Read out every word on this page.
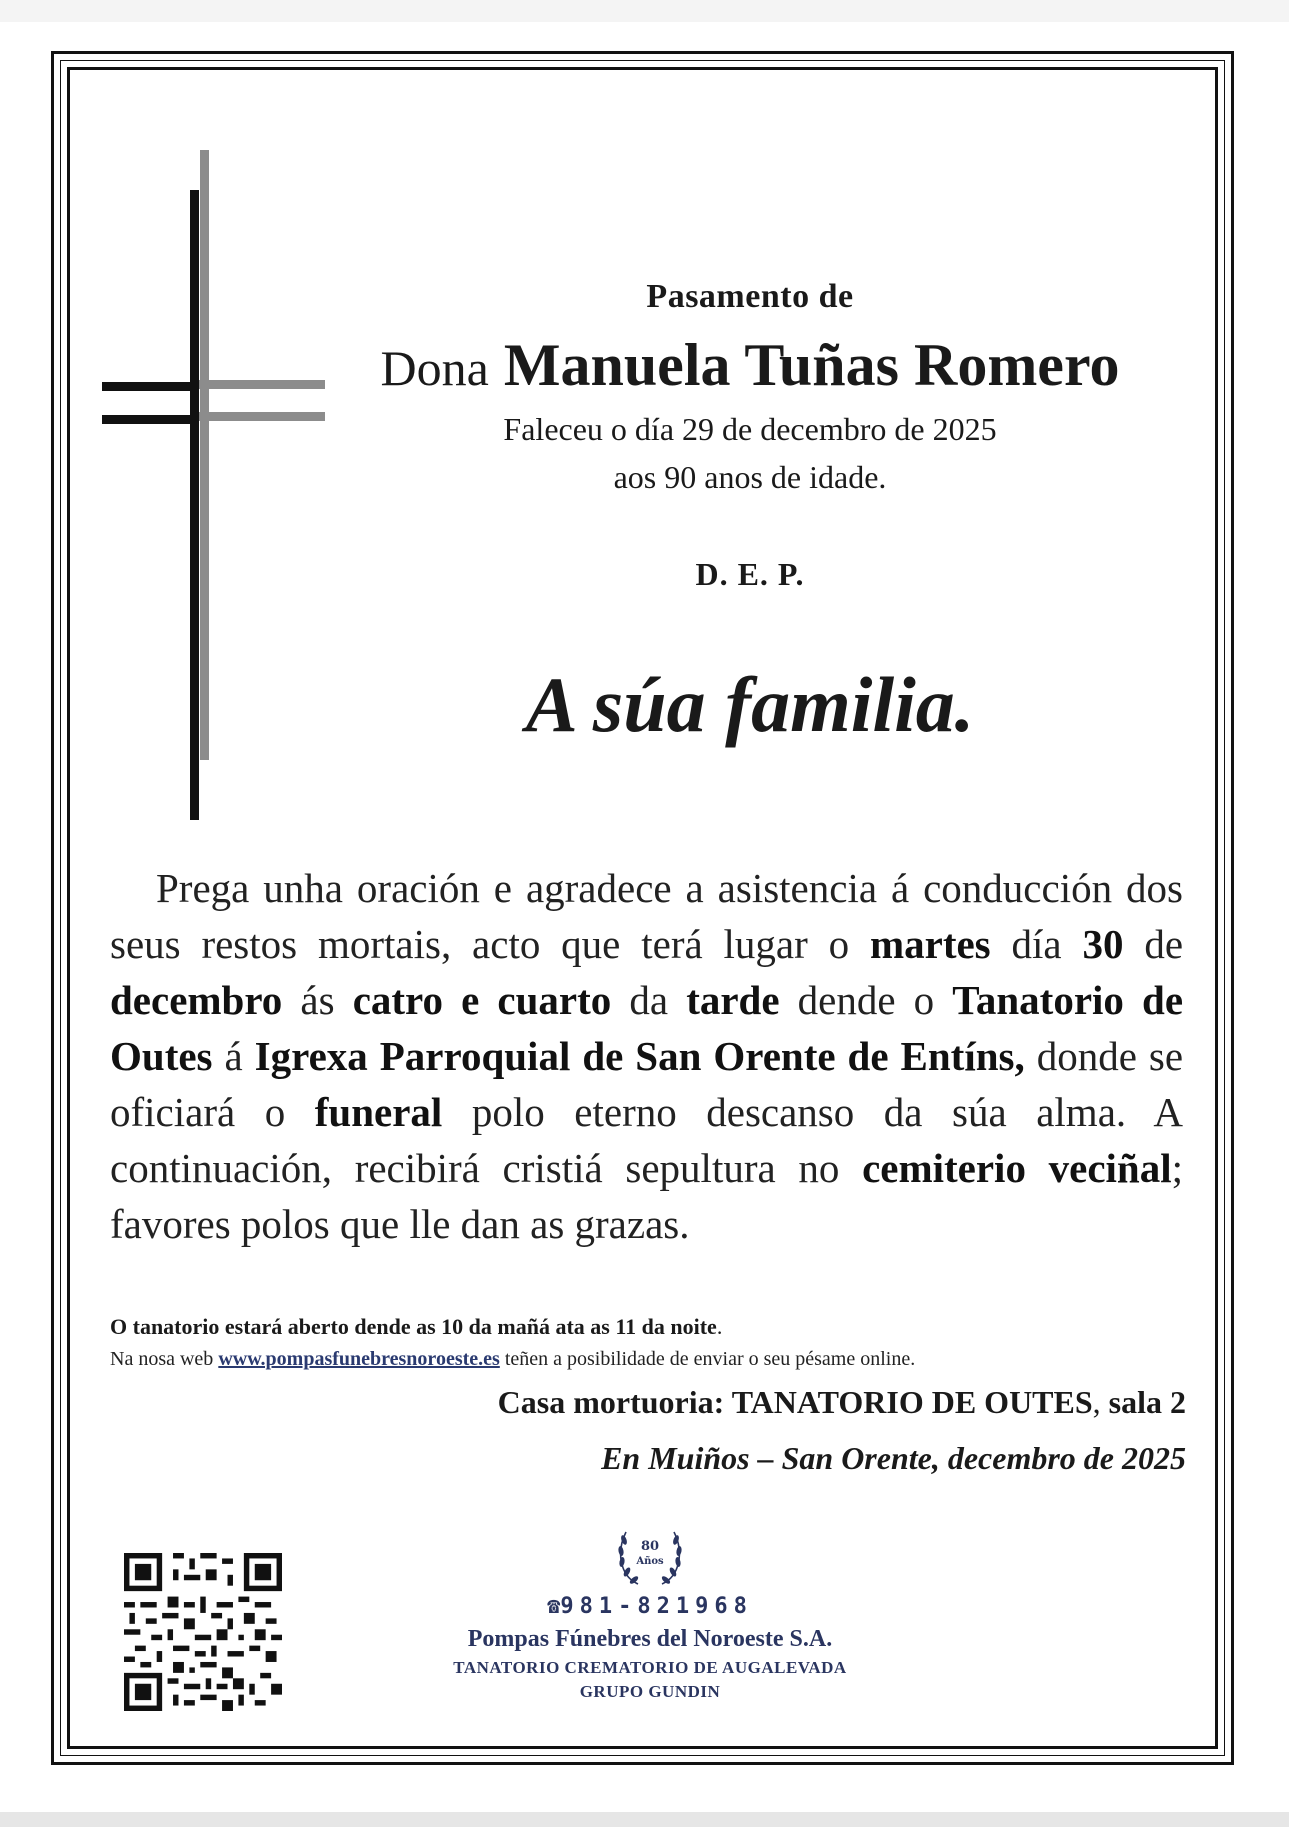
Pasamento de
Dona Manuela Tuñas Romero
Faleceu o día 29 de decembro de 2025
aos 90 anos de idade.
D. E. P.
A súa familia.
Prega unha oración e agradece a asistencia á conducción dos seus restos mortais, acto que terá lugar o martes día 30 de decembro ás catro e cuarto da tarde dende o Tanatorio de Outes á Igrexa Parroquial de San Orente de Entíns, donde se oficiará o funeral polo eterno descanso da súa alma. A continuación, recibirá cristiá sepultura no cemiterio veciñal; favores polos que lle dan as grazas.
O tanatorio estará aberto dende as 10 da mañá ata as 11 da noite.
Na nosa web www.pompasfunebresnoroeste.es teñen a posibilidade de enviar o seu pésame online.
Casa mortuoria: TANATORIO DE OUTES, sala 2
En Muiños – San Orente, decembro de 2025
80
Años
☎981-821968
Pompas Fúnebres del Noroeste S.A.
TANATORIO CREMATORIO DE AUGALEVADA
GRUPO GUNDIN
